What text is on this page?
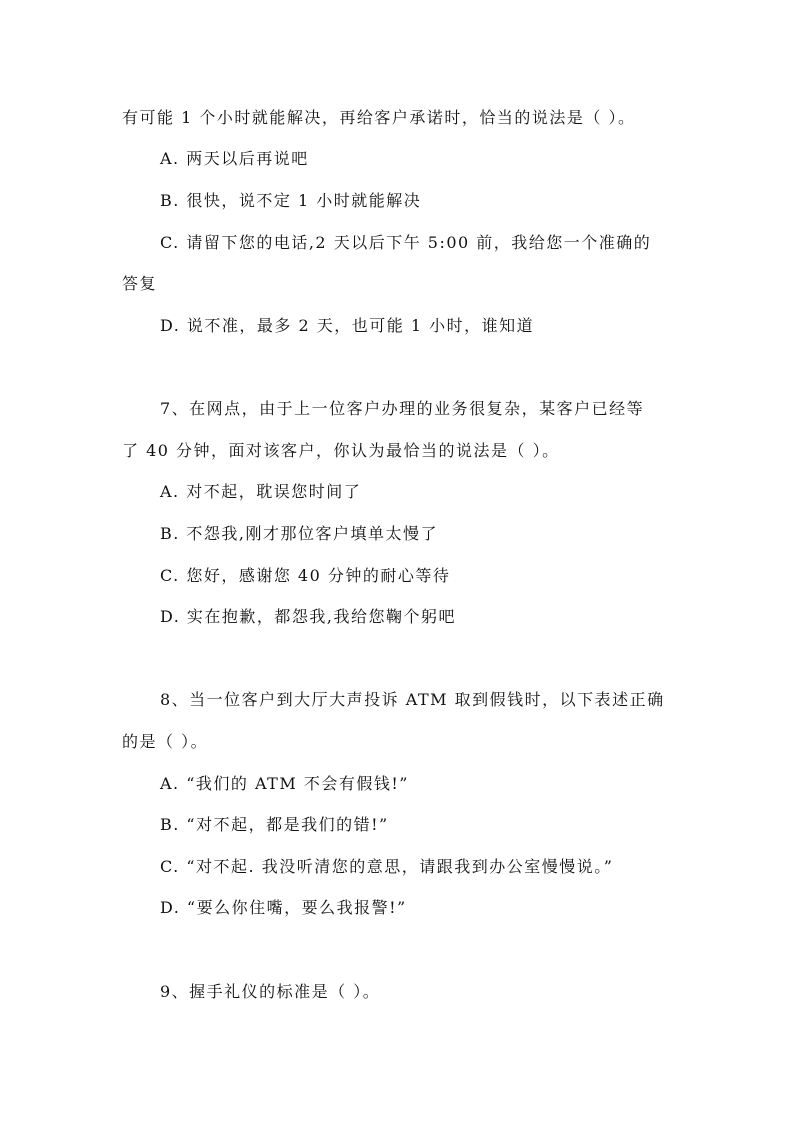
有可能 1 个小时就能解决，再给客户承诺时，恰当的说法是（ ）。
A. 两天以后再说吧
B. 很快，说不定 1 小时就能解决
C. 请留下您的电话,2 天以后下午 5:00 前，我给您一个准确的
答复
D. 说不准，最多 2 天，也可能 1 小时，谁知道
7、在网点，由于上一位客户办理的业务很复杂，某客户已经等
了 40 分钟，面对该客户，你认为最恰当的说法是（ ）。
A. 对不起，耽误您时间了
B. 不怨我,刚才那位客户填单太慢了
C. 您好，感谢您 40 分钟的耐心等待
D. 实在抱歉，都怨我,我给您鞠个躬吧
8、当一位客户到大厅大声投诉 ATM 取到假钱时，以下表述正确
的是（ ）。
A. “我们的 ATM 不会有假钱!”
B. “对不起，都是我们的错!”
C. “对不起. 我没听清您的意思，请跟我到办公室慢慢说。”
D. “要么你住嘴，要么我报警!”
9、握手礼仪的标准是（ ）。
